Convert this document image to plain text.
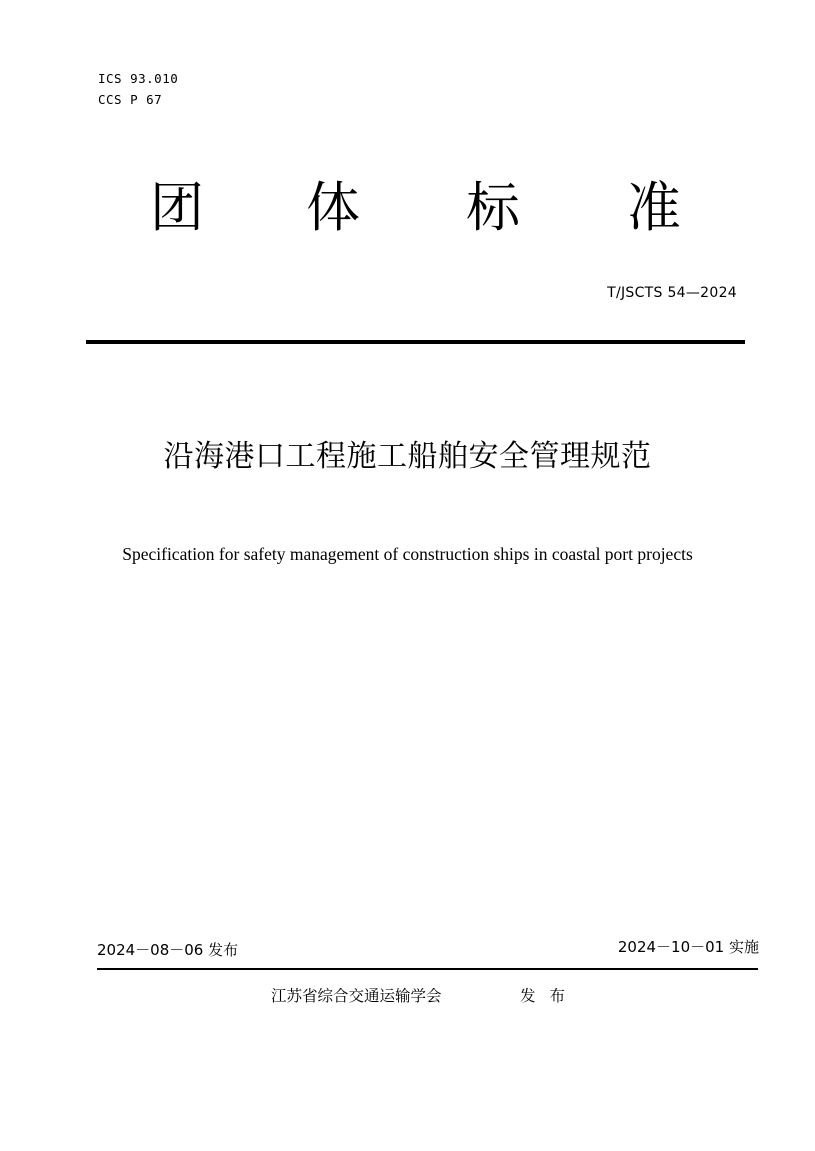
ICS 93.010
CCS P 67
团 体 标 准
T/JSCTS 54—2024
沿海港口工程施工船舶安全管理规范
Specification for safety management of construction ships in coastal port projects
2024－08－06 发布	2024－10－01 实施
江苏省综合交通运输学会	发布
